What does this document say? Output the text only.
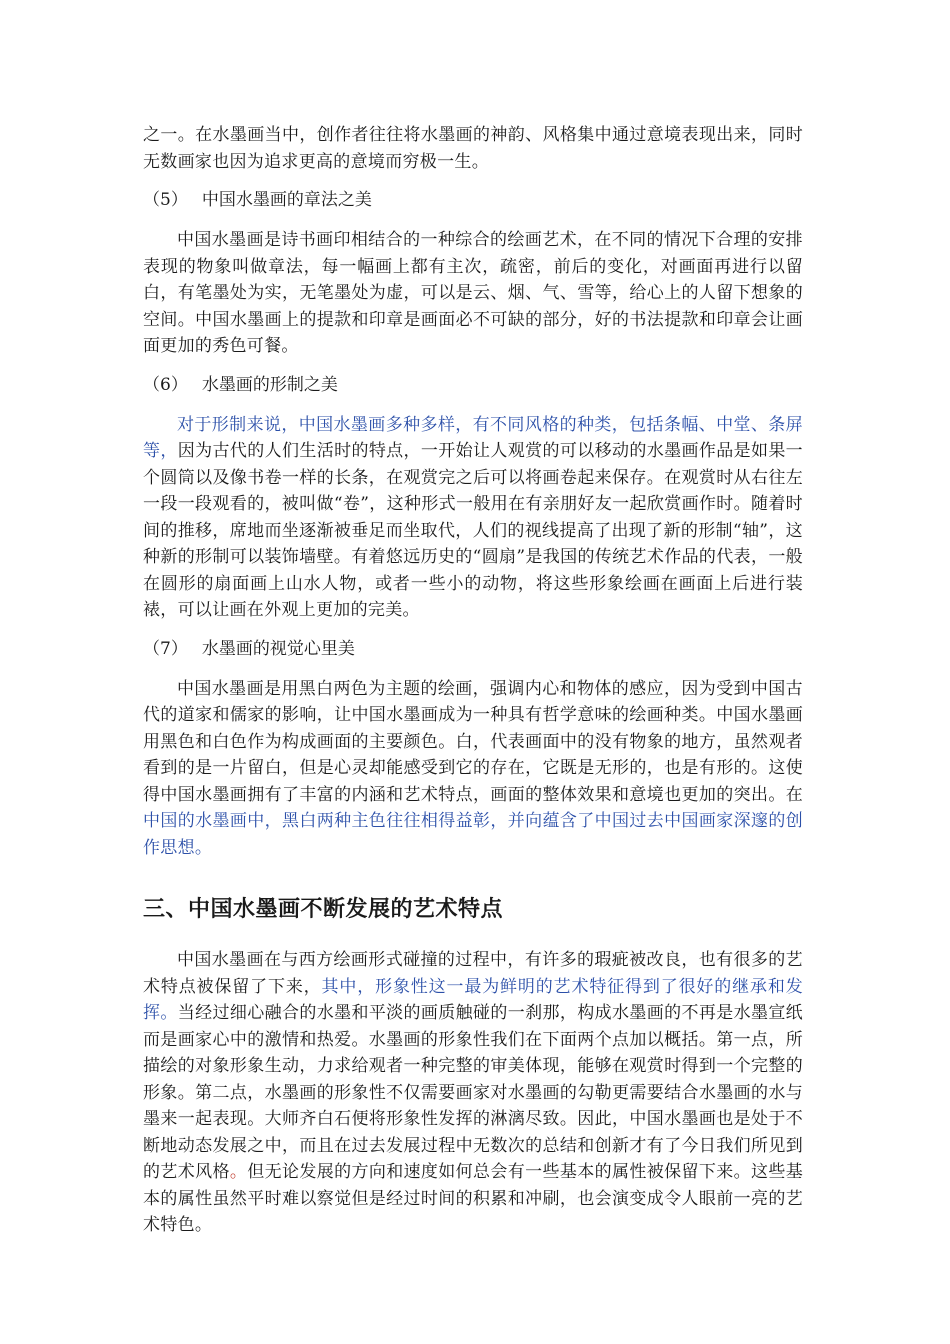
之一。在水墨画当中，创作者往往将水墨画的神韵、风格集中通过意境表现出来，同时无数画家也因为追求更高的意境而穷极一生。

（5） 中国水墨画的章法之美

中国水墨画是诗书画印相结合的一种综合的绘画艺术，在不同的情况下合理的安排表现的物象叫做章法，每一幅画上都有主次，疏密，前后的变化，对画面再进行以留白，有笔墨处为实，无笔墨处为虚，可以是云、烟、气、雪等，给心上的人留下想象的空间。中国水墨画上的提款和印章是画面必不可缺的部分，好的书法提款和印章会让画面更加的秀色可餐。

（6） 水墨画的形制之美

对于形制来说，中国水墨画多种多样，有不同风格的种类，包括条幅、中堂、条屏等，因为古代的人们生活时的特点，一开始让人观赏的可以移动的水墨画作品是如果一个圆筒以及像书卷一样的长条，在观赏完之后可以将画卷起来保存。在观赏时从右往左一段一段观看的，被叫做“卷”，这种形式一般用在有亲朋好友一起欣赏画作时。随着时间的推移，席地而坐逐渐被垂足而坐取代，人们的视线提高了出现了新的形制“轴”，这种新的形制可以装饰墙壁。有着悠远历史的“圆扇”是我国的传统艺术作品的代表，一般在圆形的扇面画上山水人物，或者一些小的动物，将这些形象绘画在画面上后进行装裱，可以让画在外观上更加的完美。

（7） 水墨画的视觉心里美

中国水墨画是用黑白两色为主题的绘画，强调内心和物体的感应，因为受到中国古代的道家和儒家的影响，让中国水墨画成为一种具有哲学意味的绘画种类。中国水墨画用黑色和白色作为构成画面的主要颜色。白，代表画面中的没有物象的地方，虽然观者看到的是一片留白，但是心灵却能感受到它的存在，它既是无形的，也是有形的。这使得中国水墨画拥有了丰富的内涵和艺术特点，画面的整体效果和意境也更加的突出。在中国的水墨画中，黑白两种主色往往相得益彰，并向蕴含了中国过去中国画家深邃的创作思想。

三、中国水墨画不断发展的艺术特点

中国水墨画在与西方绘画形式碰撞的过程中，有许多的瑕疵被改良，也有很多的艺术特点被保留了下来，其中，形象性这一最为鲜明的艺术特征得到了很好的继承和发挥。当经过细心融合的水墨和平淡的画质触碰的一刹那，构成水墨画的不再是水墨宣纸而是画家心中的激情和热爱。水墨画的形象性我们在下面两个点加以概括。第一点，所描绘的对象形象生动，力求给观者一种完整的审美体现，能够在观赏时得到一个完整的形象。第二点，水墨画的形象性不仅需要画家对水墨画的勾勒更需要结合水墨画的水与墨来一起表现。大师齐白石便将形象性发挥的淋漓尽致。因此，中国水墨画也是处于不断地动态发展之中，而且在过去发展过程中无数次的总结和创新才有了今日我们所见到的艺术风格。但无论发展的方向和速度如何总会有一些基本的属性被保留下来。这些基本的属性虽然平时难以察觉但是经过时间的积累和冲刷，也会演变成令人眼前一亮的艺术特色。
